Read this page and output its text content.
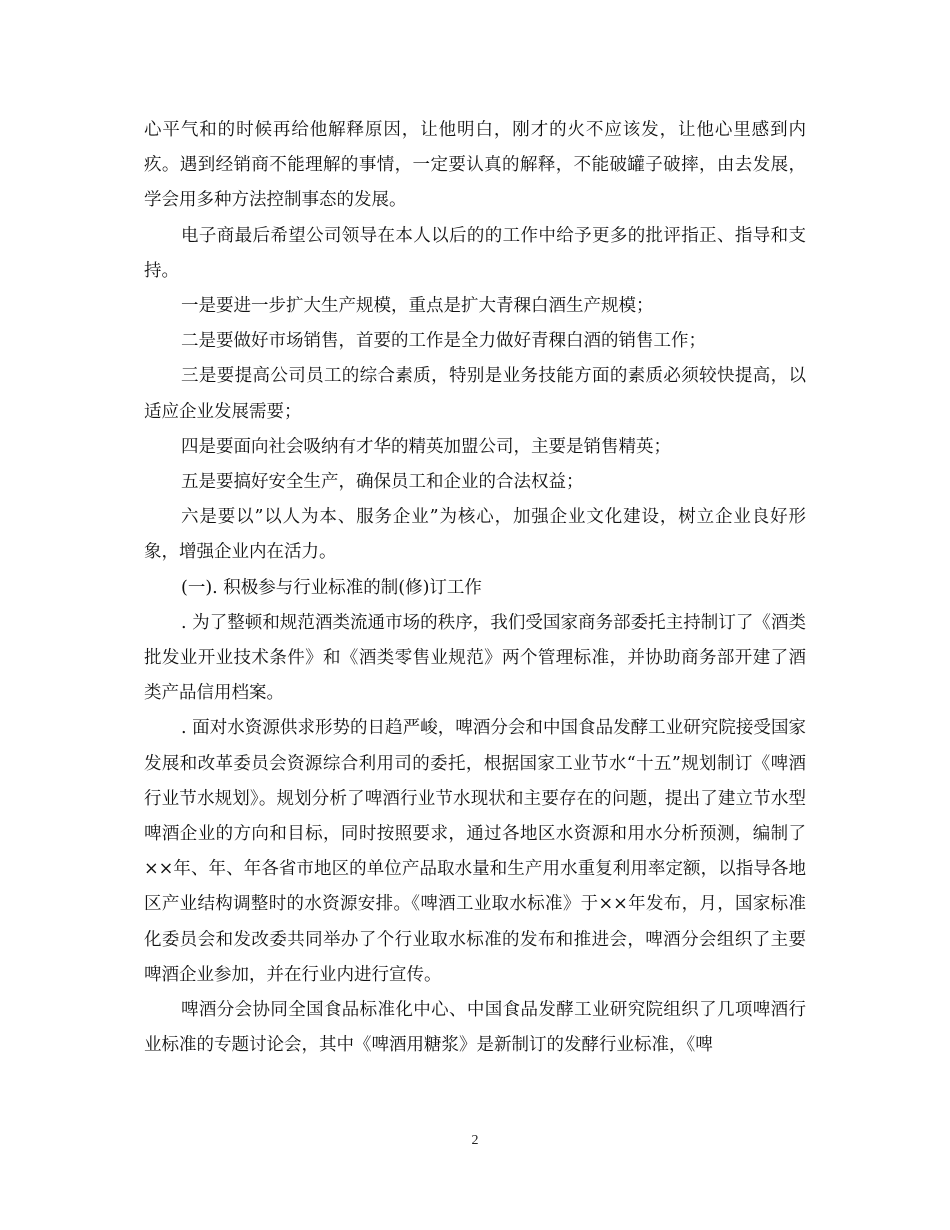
心平气和的时候再给他解释原因，让他明白，刚才的火不应该发，让他心里感到内疚。遇到经销商不能理解的事情，一定要认真的解释，不能破罐子破摔，由去发展，学会用多种方法控制事态的发展。

电子商最后希望公司领导在本人以后的的工作中给予更多的批评指正、指导和支持。

一是要进一步扩大生产规模，重点是扩大青稞白酒生产规模；

二是要做好市场销售，首要的工作是全力做好青稞白酒的销售工作；

三是要提高公司员工的综合素质，特别是业务技能方面的素质必须较快提高，以适应企业发展需要；

四是要面向社会吸纳有才华的精英加盟公司，主要是销售精英；

五是要搞好安全生产，确保员工和企业的合法权益；

六是要以”以人为本、服务企业”为核心，加强企业文化建设，树立企业良好形象，增强企业内在活力。

(一). 积极参与行业标准的制(修)订工作

. 为了整顿和规范酒类流通市场的秩序，我们受国家商务部委托主持制订了《酒类批发业开业技术条件》和《酒类零售业规范》两个管理标准，并协助商务部开建了酒类产品信用档案。

. 面对水资源供求形势的日趋严峻，啤酒分会和中国食品发酵工业研究院接受国家发展和改革委员会资源综合利用司的委托，根据国家工业节水“十五”规划制订《啤酒行业节水规划》。规划分析了啤酒行业节水现状和主要存在的问题，提出了建立节水型啤酒企业的方向和目标，同时按照要求，通过各地区水资源和用水分析预测，编制了××年、年、年各省市地区的单位产品取水量和生产用水重复利用率定额，以指导各地区产业结构调整时的水资源安排。《啤酒工业取水标准》于××年发布，月，国家标准化委员会和发改委共同举办了个行业取水标准的发布和推进会，啤酒分会组织了主要啤酒企业参加，并在行业内进行宣传。

啤酒分会协同全国食品标准化中心、中国食品发酵工业研究院组织了几项啤酒行业标准的专题讨论会，其中《啤酒用糖浆》是新制订的发酵行业标准，《啤

2
